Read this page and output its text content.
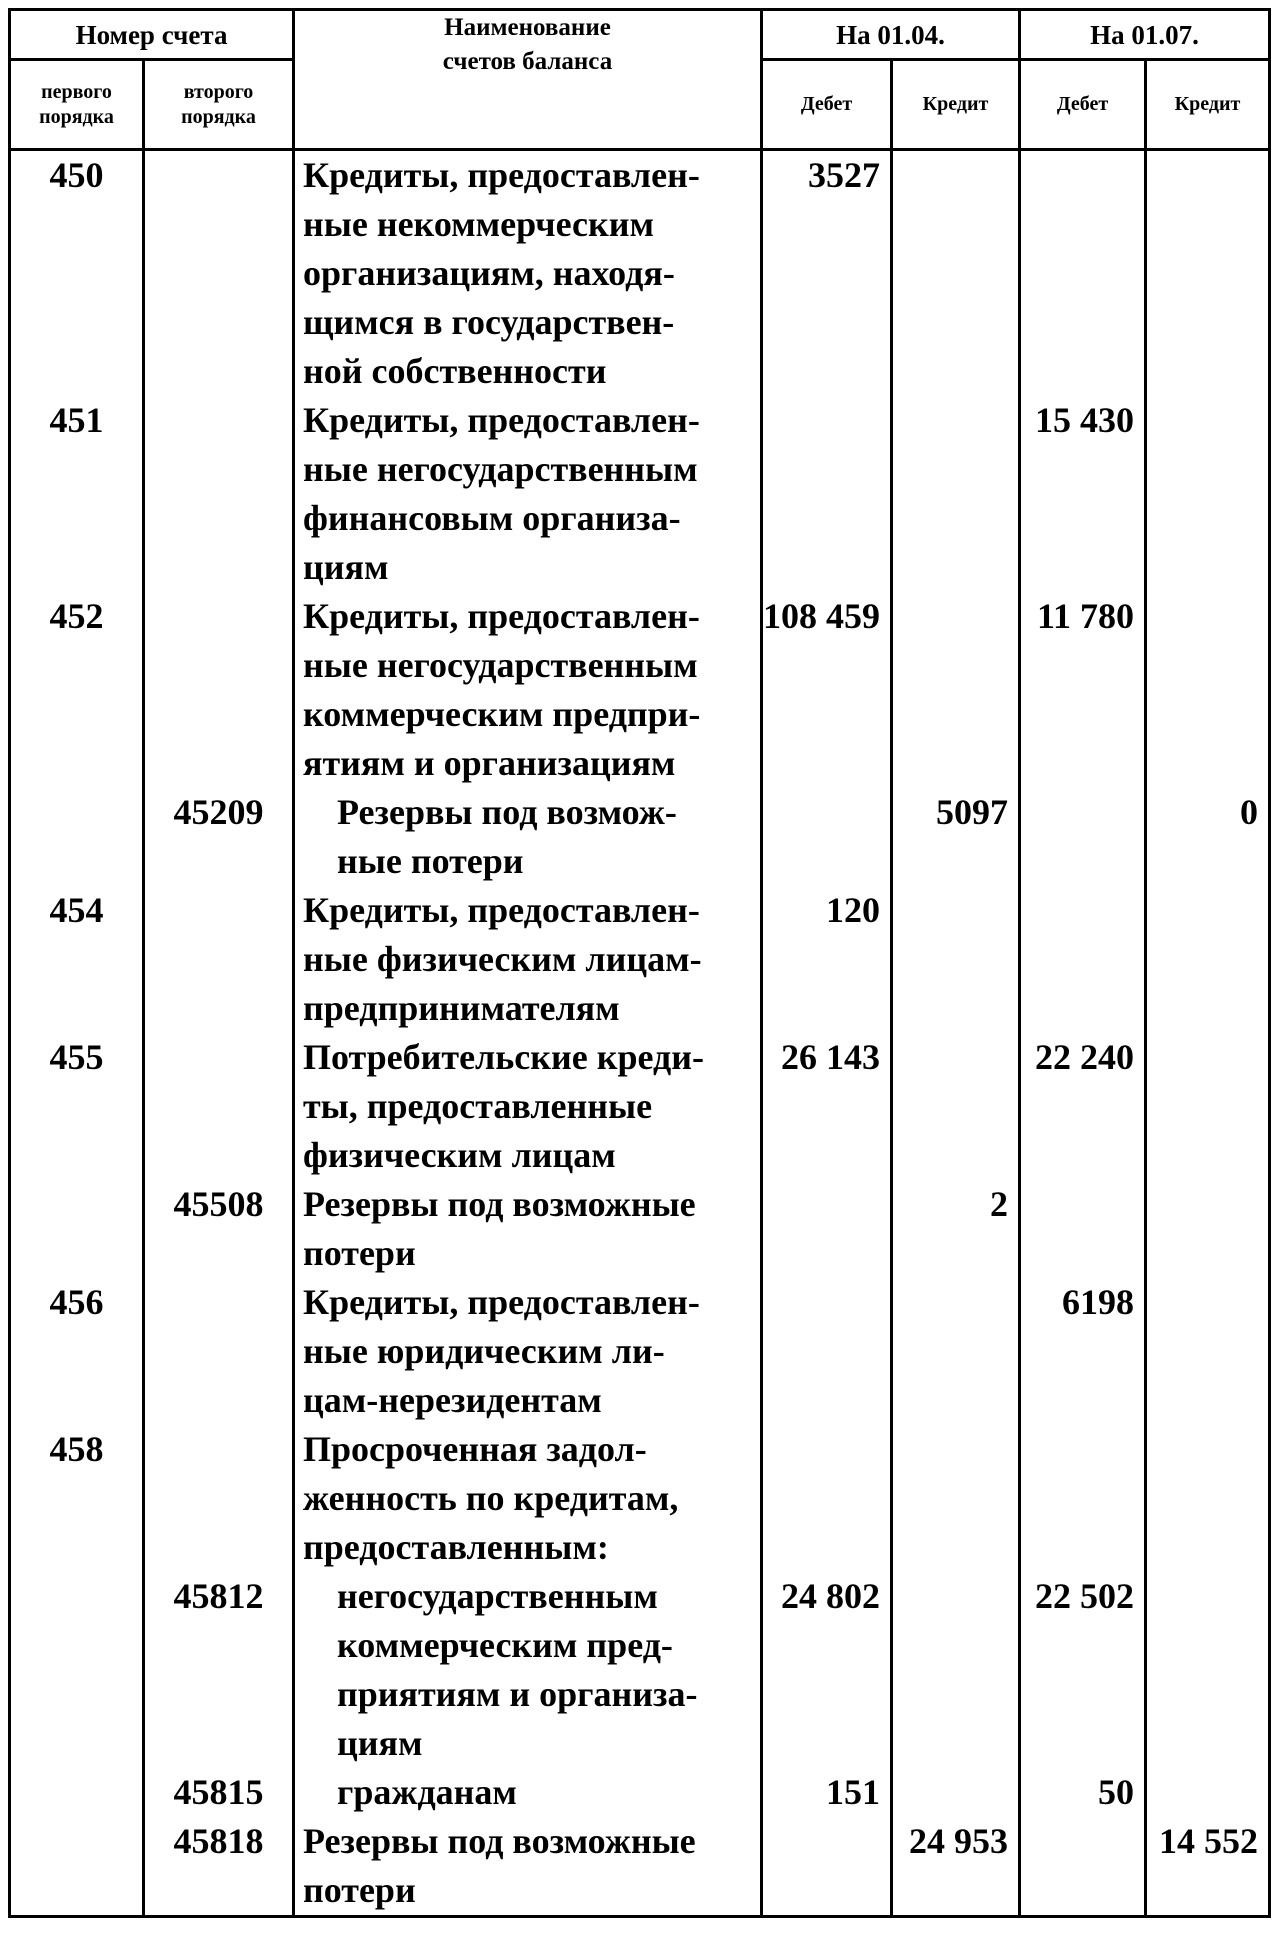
Номер счета		Наименование
счетов баланса	На 01.04.		На 01.07.	
первого
порядка	второго
порядка		Дебет	Кредит	Дебет	Кредит
450		Кредиты, предоставлен-
ные некоммерческим
организациям, находя-
щимся в государствен-
ной собственности	3527			
451		Кредиты, предоставлен-
ные негосударственным
финансовым организа-
циям			15 430	
452		Кредиты, предоставлен-
ные негосударственным
коммерческим предпри-
ятиям и организациям	108 459		11 780	
	45209	Резервы под возмож-
ные потери		5097		0
454		Кредиты, предоставлен-
ные физическим лицам-
предпринимателям	120			
455		Потребительские креди-
ты, предоставленные
физическим лицам	26 143		22 240	
	45508	Резервы под возможные
потери		2		
456		Кредиты, предоставлен-
ные юридическим ли-
цам-нерезидентам			6198	
458		Просроченная задол-
женность по кредитам,
предоставленным:				
	45812	негосударственным
коммерческим пред-
приятиям и организа-
циям	24 802		22 502	
	45815	гражданам	151		50	
	45818	Резервы под возможные
потери		24 953		14 552
